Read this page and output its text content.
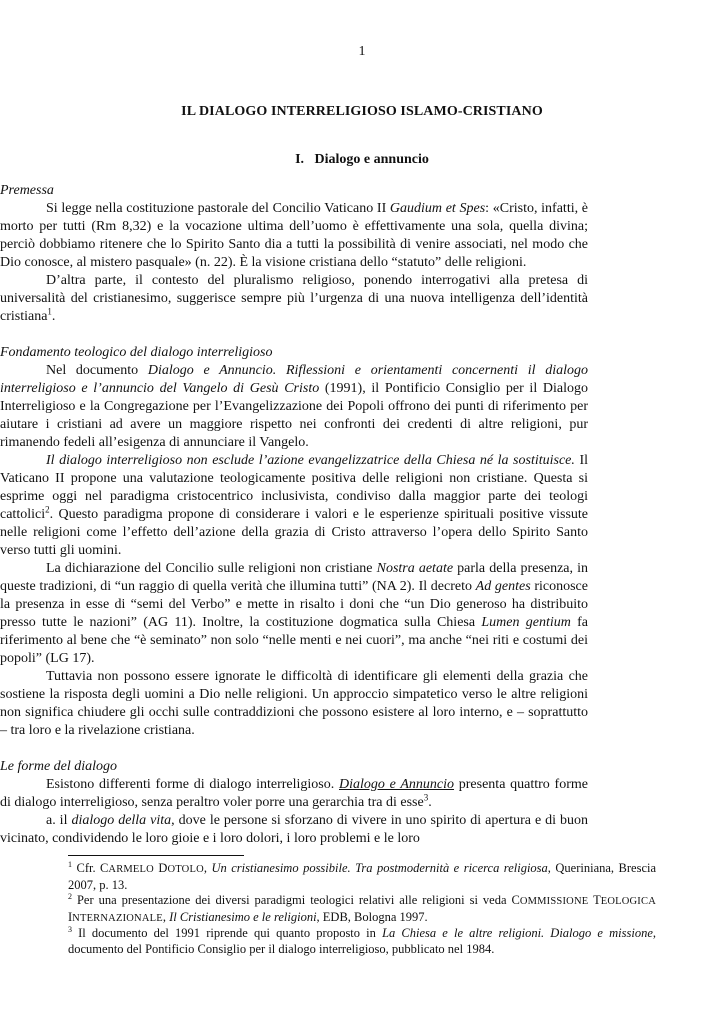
1
IL DIALOGO INTERRELIGIOSO ISLAMO-CRISTIANO
I.   Dialogo e annuncio

Premessa

Si legge nella costituzione pastorale del Concilio Vaticano II Gaudium et Spes: «Cristo, infatti, è morto per tutti (Rm 8,32) e la vocazione ultima dell’uomo è effettivamente una sola, quella divina; perciò dobbiamo ritenere che lo Spirito Santo dia a tutti la possibilità di venire associati, nel modo che Dio conosce, al mistero pasquale» (n. 22). È la visione cristiana dello “statuto” delle religioni.

D’altra parte, il contesto del pluralismo religioso, ponendo interrogativi alla pretesa di universalità del cristianesimo, suggerisce sempre più l’urgenza di una nuova intelligenza dell’identità cristiana$^1$.

Fondamento teologico del dialogo interreligioso

Nel documento Dialogo e Annuncio. Riflessioni e orientamenti concernenti il dialogo interreligioso e l’annuncio del Vangelo di Gesù Cristo (1991), il Pontificio Consiglio per il Dialogo Interreligioso e la Congregazione per l’Evangelizzazione dei Popoli offrono dei punti di riferimento per aiutare i cristiani ad avere un maggiore rispetto nei confronti dei credenti di altre religioni, pur rimanendo fedeli all’esigenza di annunciare il Vangelo.

Il dialogo interreligioso non esclude l’azione evangelizzatrice della Chiesa né la sostituisce. Il Vaticano II propone una valutazione teologicamente positiva delle religioni non cristiane. Questa si esprime oggi nel paradigma cristocentrico inclusivista, condiviso dalla maggior parte dei teologi cattolici$^2$. Questo paradigma propone di considerare i valori e le esperienze spirituali positive vissute nelle religioni come l’effetto dell’azione della grazia di Cristo attraverso l’opera dello Spirito Santo verso tutti gli uomini.

La dichiarazione del Concilio sulle religioni non cristiane Nostra aetate parla della presenza, in queste tradizioni, di “un raggio di quella verità che illumina tutti” (NA 2). Il decreto Ad gentes riconosce la presenza in esse di “semi del Verbo” e mette in risalto i doni che “un Dio generoso ha distribuito presso tutte le nazioni” (AG 11). Inoltre, la costituzione dogmatica sulla Chiesa Lumen gentium fa riferimento al bene che “è seminato” non solo “nelle menti e nei cuori”, ma anche “nei riti e costumi dei popoli” (LG 17).

Tuttavia non possono essere ignorate le difficoltà di identificare gli elementi della grazia che sostiene la risposta degli uomini a Dio nelle religioni. Un approccio simpatetico verso le altre religioni non significa chiudere gli occhi sulle contraddizioni che possono esistere al loro interno, e – soprattutto – tra loro e la rivelazione cristiana.

Le forme del dialogo

Esistono differenti forme di dialogo interreligioso. Dialogo e Annuncio presenta quattro forme di dialogo interreligioso, senza peraltro voler porre una gerarchia tra di esse$^3$.

a. il dialogo della vita, dove le persone si sforzano di vivere in uno spirito di apertura e di buon vicinato, condividendo le loro gioie e i loro dolori, i loro problemi e le loro

$^1$ Cfr. CARMELO DOTOLO, Un cristianesimo possibile. Tra postmodernità e ricerca religiosa, Queriniana, Brescia 2007, p. 13.

$^2$ Per una presentazione dei diversi paradigmi teologici relativi alle religioni si veda COMMISSIONE TEOLOGICA INTERNAZIONALE, Il Cristianesimo e le religioni, EDB, Bologna 1997.

$^3$ Il documento del 1991 riprende qui quanto proposto in La Chiesa e le altre religioni. Dialogo e missione, documento del Pontificio Consiglio per il dialogo interreligioso, pubblicato nel 1984.
